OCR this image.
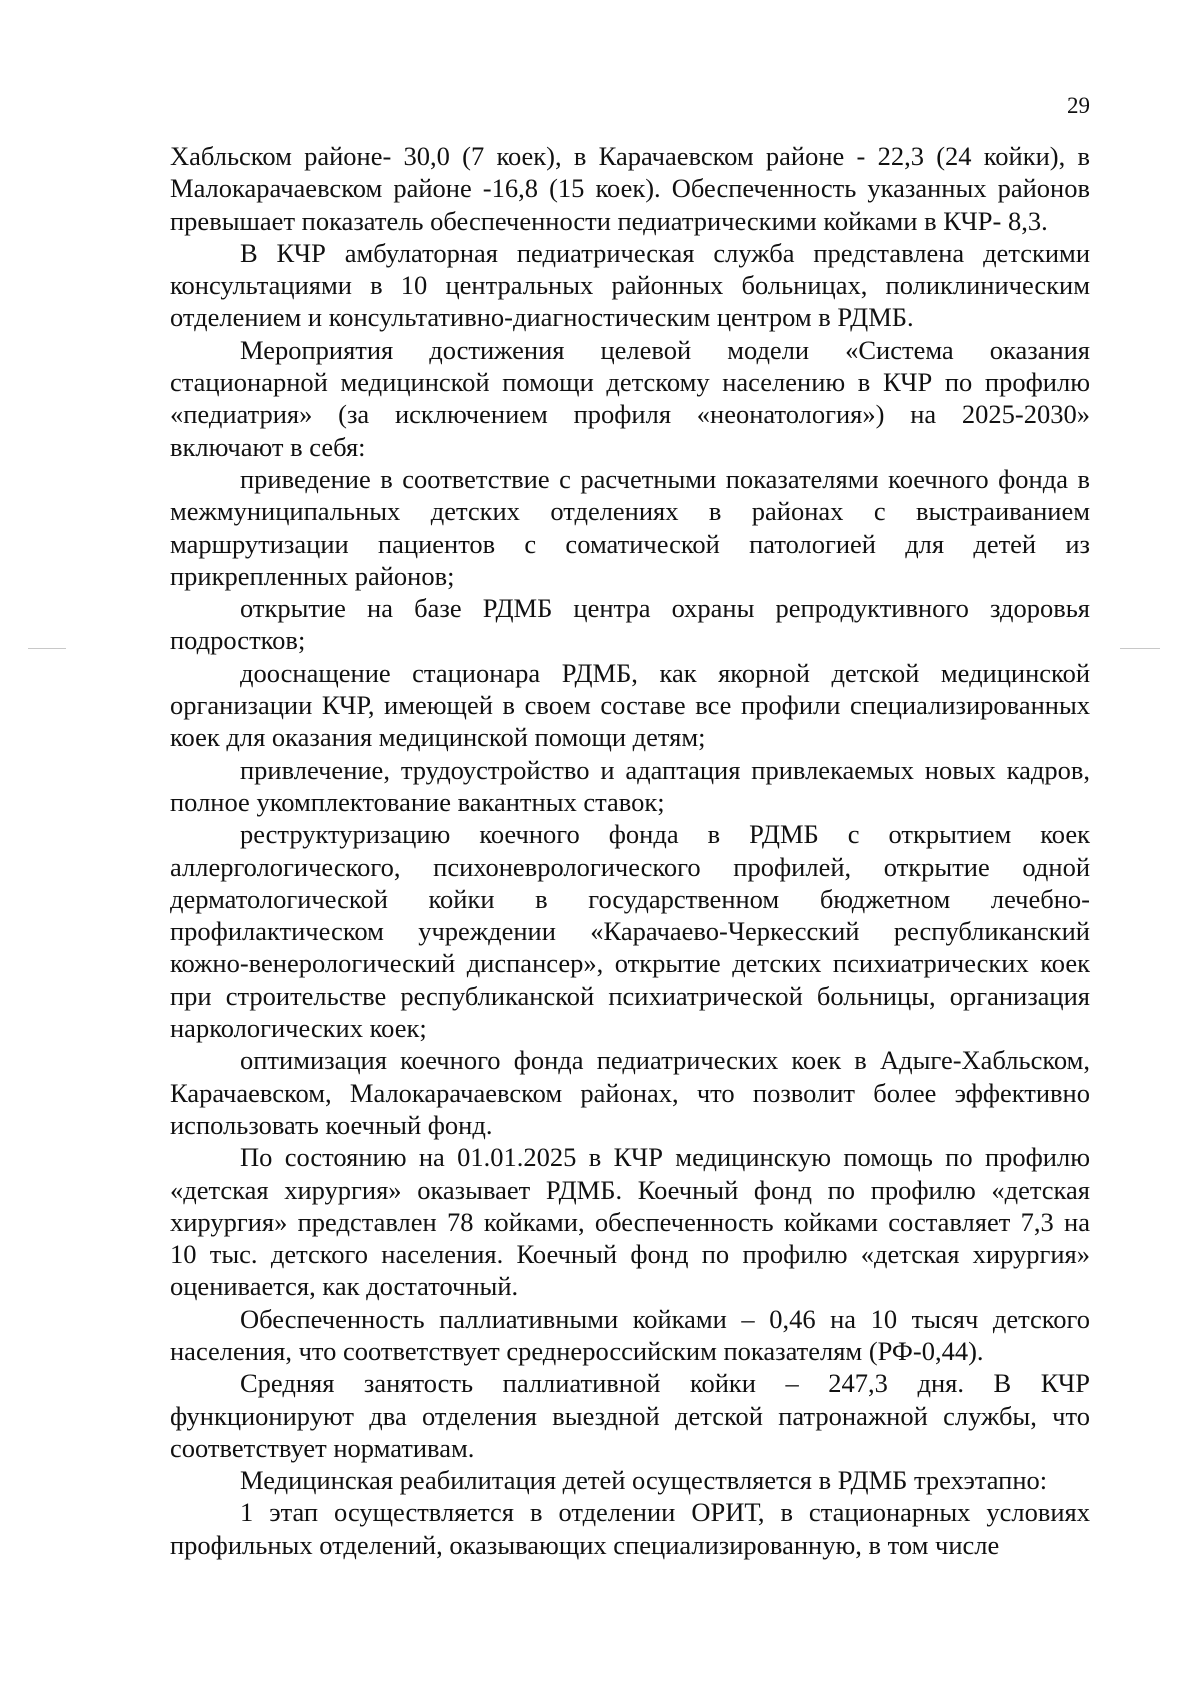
29

Хабльском районе- 30,0 (7 коек), в Карачаевском районе - 22,3 (24 койки), в Малокарачаевском районе -16,8 (15 коек). Обеспеченность указанных районов превышает показатель обеспеченности педиатрическими койками в КЧР- 8,3.

В КЧР амбулаторная педиатрическая служба представлена детскими консультациями в 10 центральных районных больницах, поликлиническим отделением и консультативно-диагностическим центром в РДМБ.

Мероприятия достижения целевой модели «Система оказания стационарной медицинской помощи детскому населению в КЧР по профилю «педиатрия» (за исключением профиля «неонатология») на 2025-2030» включают в себя:

приведение в соответствие с расчетными показателями коечного фонда в межмуниципальных детских отделениях в районах с выстраиванием маршрутизации пациентов с соматической патологией для детей из прикрепленных районов;

открытие на базе РДМБ центра охраны репродуктивного здоровья подростков;

дооснащение стационара РДМБ, как якорной детской медицинской организации КЧР, имеющей в своем составе все профили специализированных коек для оказания медицинской помощи детям;

привлечение, трудоустройство и адаптация привлекаемых новых кадров, полное укомплектование вакантных ставок;

реструктуризацию коечного фонда в РДМБ с открытием коек аллергологического, психоневрологического профилей, открытие одной дерматологической койки в государственном бюджетном лечебно-профилактическом учреждении «Карачаево-Черкесский республиканский кожно-венерологический диспансер», открытие детских психиатрических коек при строительстве республиканской психиатрической больницы, организация наркологических коек;

оптимизация коечного фонда педиатрических коек в Адыге-Хабльском, Карачаевском, Малокарачаевском районах, что позволит более эффективно использовать коечный фонд.

По состоянию на 01.01.2025 в КЧР медицинскую помощь по профилю «детская хирургия» оказывает РДМБ. Коечный фонд по профилю «детская хирургия» представлен 78 койками, обеспеченность койками составляет 7,3 на 10 тыс. детского населения. Коечный фонд по профилю «детская хирургия» оценивается, как достаточный.

Обеспеченность паллиативными койками – 0,46 на 10 тысяч детского населения, что соответствует среднероссийским показателям (РФ-0,44).

Средняя занятость паллиативной койки – 247,3 дня. В КЧР функционируют два отделения выездной детской патронажной службы, что соответствует нормативам.

Медицинская реабилитация детей осуществляется в РДМБ трехэтапно:

1 этап осуществляется в отделении ОРИТ, в стационарных условиях профильных отделений, оказывающих специализированную, в том числе
